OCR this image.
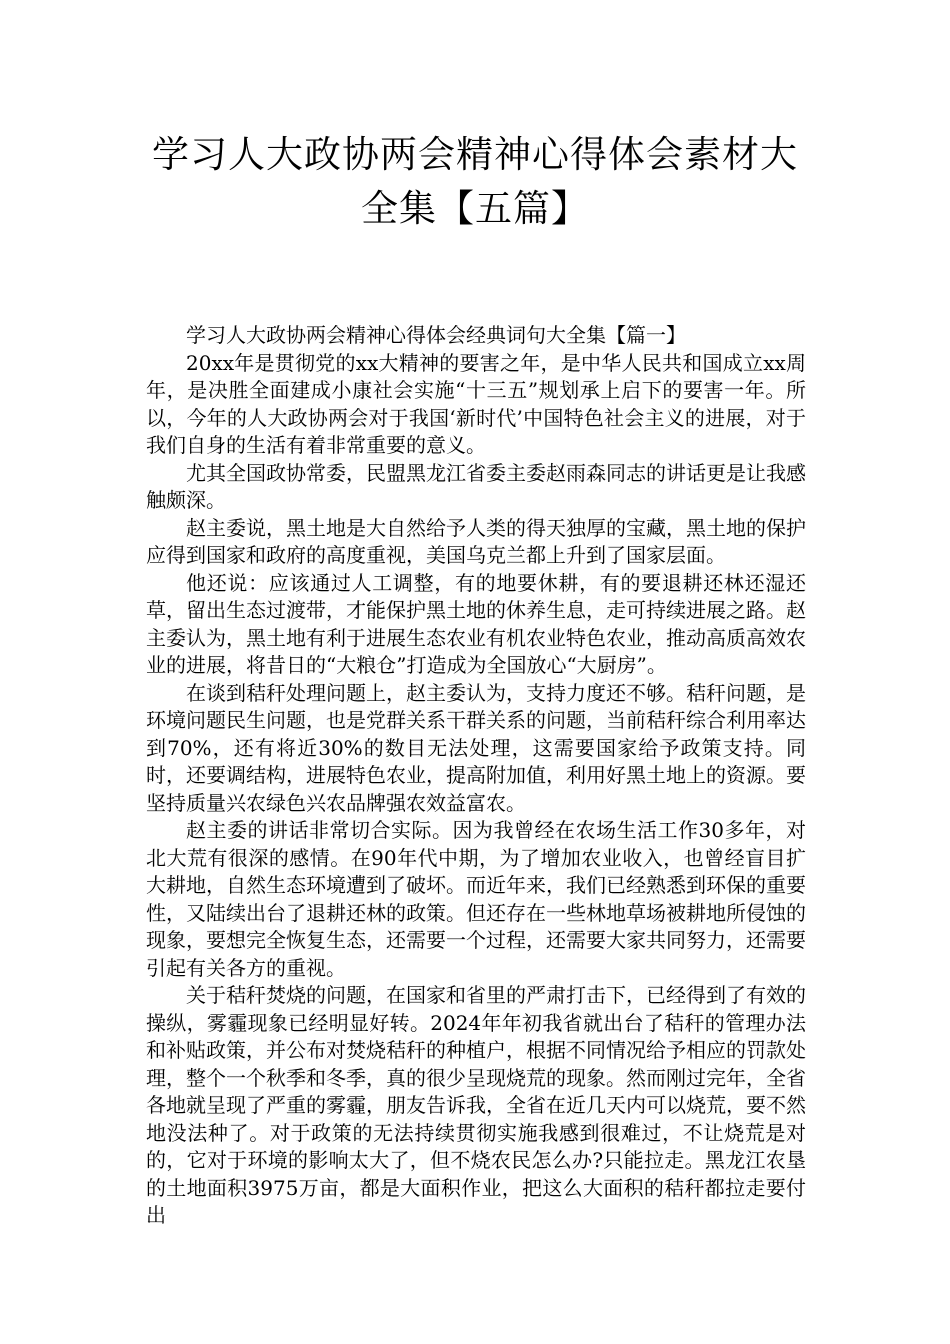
学习人大政协两会精神心得体会素材大
全集【五篇】

学习人大政协两会精神心得体会经典词句大全集【篇一】

20xx年是贯彻党的xx大精神的要害之年，是中华人民共和国成立xx周年，是决胜全面建成小康社会实施“十三五”规划承上启下的要害一年。所以，今年的人大政协两会对于我国‘新时代’中国特色社会主义的进展，对于我们自身的生活有着非常重要的意义。

尤其全国政协常委，民盟黑龙江省委主委赵雨森同志的讲话更是让我感触颇深。

赵主委说，黑土地是大自然给予人类的得天独厚的宝藏，黑土地的保护应得到国家和政府的高度重视，美国乌克兰都上升到了国家层面。

他还说：应该通过人工调整，有的地要休耕，有的要退耕还林还湿还草，留出生态过渡带，才能保护黑土地的休养生息，走可持续进展之路。赵主委认为，黑土地有利于进展生态农业有机农业特色农业，推动高质高效农业的进展，将昔日的“大粮仓”打造成为全国放心“大厨房”。

在谈到秸秆处理问题上，赵主委认为，支持力度还不够。秸秆问题，是环境问题民生问题，也是党群关系干群关系的问题，当前秸秆综合利用率达到70%，还有将近30%的数目无法处理，这需要国家给予政策支持。同时，还要调结构，进展特色农业，提高附加值，利用好黑土地上的资源。要坚持质量兴农绿色兴农品牌强农效益富农。

赵主委的讲话非常切合实际。因为我曾经在农场生活工作30多年，对北大荒有很深的感情。在90年代中期，为了增加农业收入，也曾经盲目扩大耕地，自然生态环境遭到了破坏。而近年来，我们已经熟悉到环保的重要性，又陆续出台了退耕还林的政策。但还存在一些林地草场被耕地所侵蚀的现象，要想完全恢复生态，还需要一个过程，还需要大家共同努力，还需要引起有关各方的重视。

关于秸秆焚烧的问题，在国家和省里的严肃打击下，已经得到了有效的操纵，雾霾现象已经明显好转。2024年年初我省就出台了秸秆的管理办法和补贴政策，并公布对焚烧秸秆的种植户，根据不同情况给予相应的罚款处理，整个一个秋季和冬季，真的很少呈现烧荒的现象。然而刚过完年，全省各地就呈现了严重的雾霾，朋友告诉我，全省在近几天内可以烧荒，要不然地没法种了。对于政策的无法持续贯彻实施我感到很难过，不让烧荒是对的，它对于环境的影响太大了，但不烧农民怎么办?只能拉走。黑龙江农垦的土地面积3975万亩，都是大面积作业，把这么大面积的秸秆都拉走要付出
